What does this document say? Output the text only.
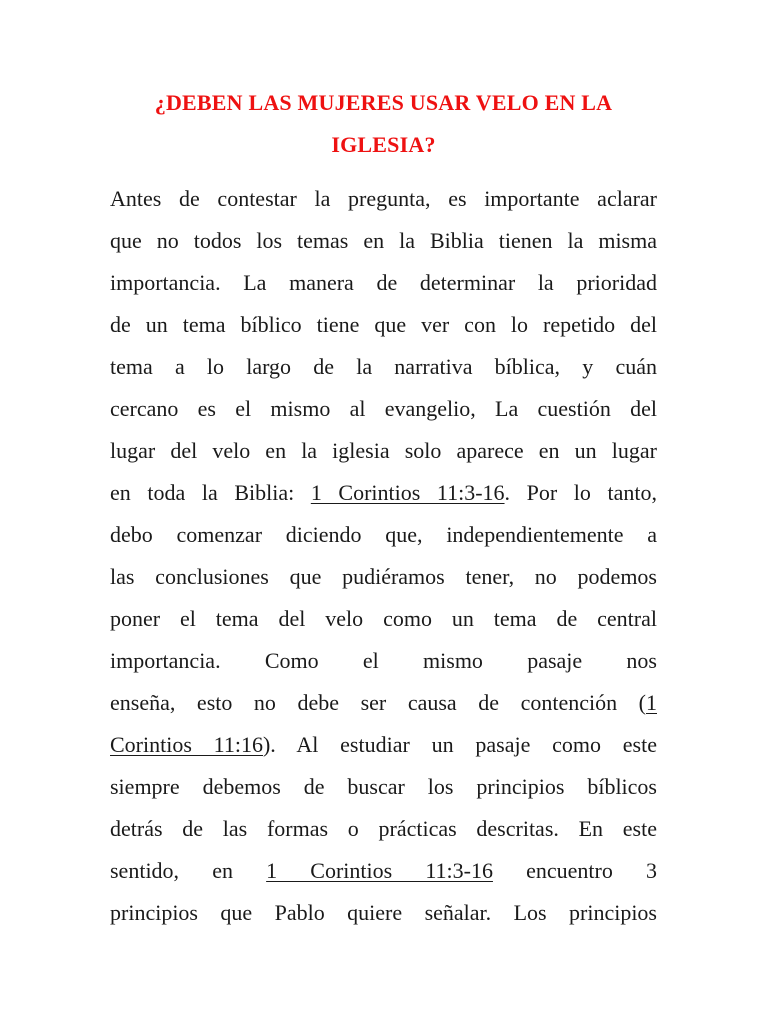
¿DEBEN LAS MUJERES USAR VELO EN LA
IGLESIA?
Antes de contestar la pregunta, es importante aclarar
que no todos los temas en la Biblia tienen la misma
importancia. La manera de determinar la prioridad
de un tema bíblico tiene que ver con lo repetido del
tema a lo largo de la narrativa bíblica, y cuán
cercano es el mismo al evangelio, La cuestión del
lugar del velo en la iglesia solo aparece en un lugar
en toda la Biblia: 1 Corintios 11:3-16. Por lo tanto,
debo comenzar diciendo que, independientemente a
las conclusiones que pudiéramos tener, no podemos
poner el tema del velo como un tema de central
importancia. Como el mismo pasaje nos
enseña, esto no debe ser causa de contención (1
Corintios 11:16). Al estudiar un pasaje como este
siempre debemos de buscar los principios bíblicos
detrás de las formas o prácticas descritas. En este
sentido, en 1 Corintios 11:3-16 encuentro 3
principios que Pablo quiere señalar. Los principios
